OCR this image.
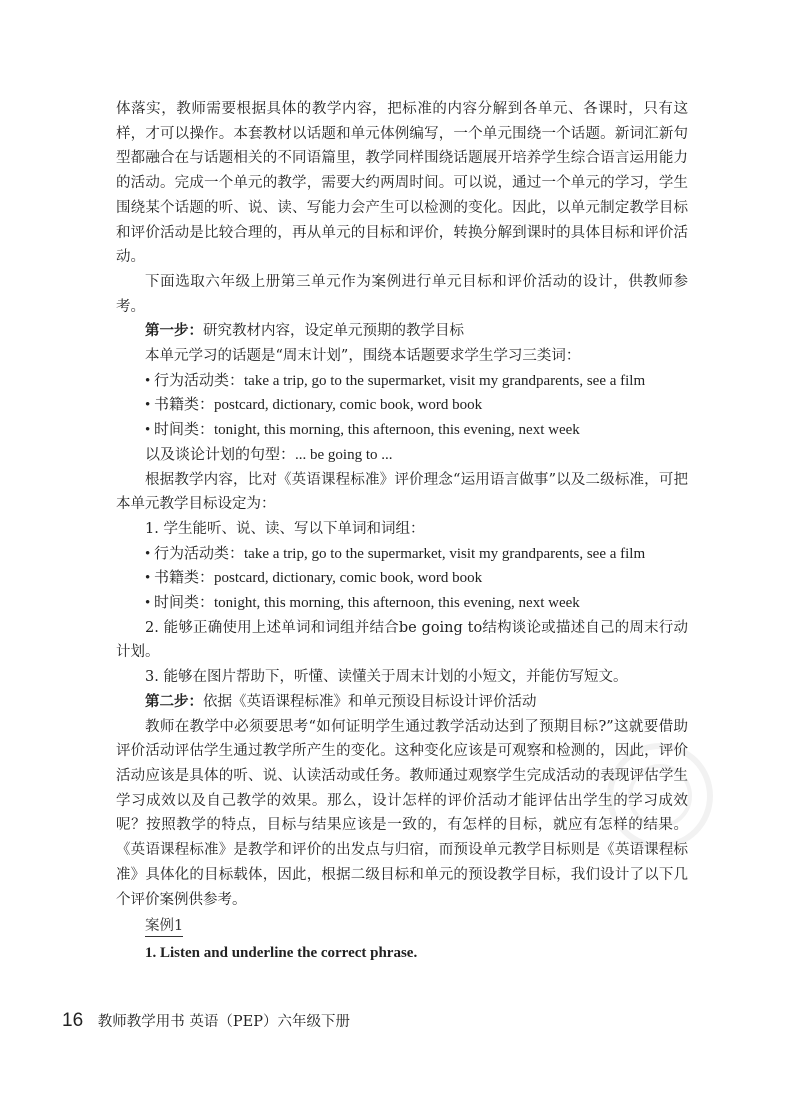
体落实，教师需要根据具体的教学内容，把标准的内容分解到各单元、各课时，只有这样，才可以操作。本套教材以话题和单元体例编写，一个单元围绕一个话题。新词汇新句型都融合在与话题相关的不同语篇里，教学同样围绕话题展开培养学生综合语言运用能力的活动。完成一个单元的教学，需要大约两周时间。可以说，通过一个单元的学习，学生围绕某个话题的听、说、读、写能力会产生可以检测的变化。因此，以单元制定教学目标和评价活动是比较合理的，再从单元的目标和评价，转换分解到课时的具体目标和评价活动。

下面选取六年级上册第三单元作为案例进行单元目标和评价活动的设计，供教师参考。

第一步：研究教材内容，设定单元预期的教学目标

本单元学习的话题是“周末计划”，围绕本话题要求学生学习三类词：

• 行为活动类：take a trip, go to the supermarket, visit my grandparents, see a film

• 书籍类：postcard, dictionary, comic book, word book

• 时间类：tonight, this morning, this afternoon, this evening, next week

以及谈论计划的句型：... be going to ...

根据教学内容，比对《英语课程标准》评价理念“运用语言做事”以及二级标准，可把本单元教学目标设定为：

1. 学生能听、说、读、写以下单词和词组：

• 行为活动类：take a trip, go to the supermarket, visit my grandparents, see a film

• 书籍类：postcard, dictionary, comic book, word book

• 时间类：tonight, this morning, this afternoon, this evening, next week

2. 能够正确使用上述单词和词组并结合be going to结构谈论或描述自己的周末行动计划。

3. 能够在图片帮助下，听懂、读懂关于周末计划的小短文，并能仿写短文。

第二步：依据《英语课程标准》和单元预设目标设计评价活动

教师在教学中必须要思考“如何证明学生通过教学活动达到了预期目标?”这就要借助评价活动评估学生通过教学所产生的变化。这种变化应该是可观察和检测的，因此，评价活动应该是具体的听、说、认读活动或任务。教师通过观察学生完成活动的表现评估学生学习成效以及自己教学的效果。那么，设计怎样的评价活动才能评估出学生的学习成效呢？按照教学的特点，目标与结果应该是一致的，有怎样的目标，就应有怎样的结果。《英语课程标准》是教学和评价的出发点与归宿，而预设单元教学目标则是《英语课程标准》具体化的目标载体，因此，根据二级目标和单元的预设教学目标，我们设计了以下几个评价案例供参考。

案例1

1. Listen and underline the correct phrase.

16 教师教学用书 英语（PEP）六年级下册
